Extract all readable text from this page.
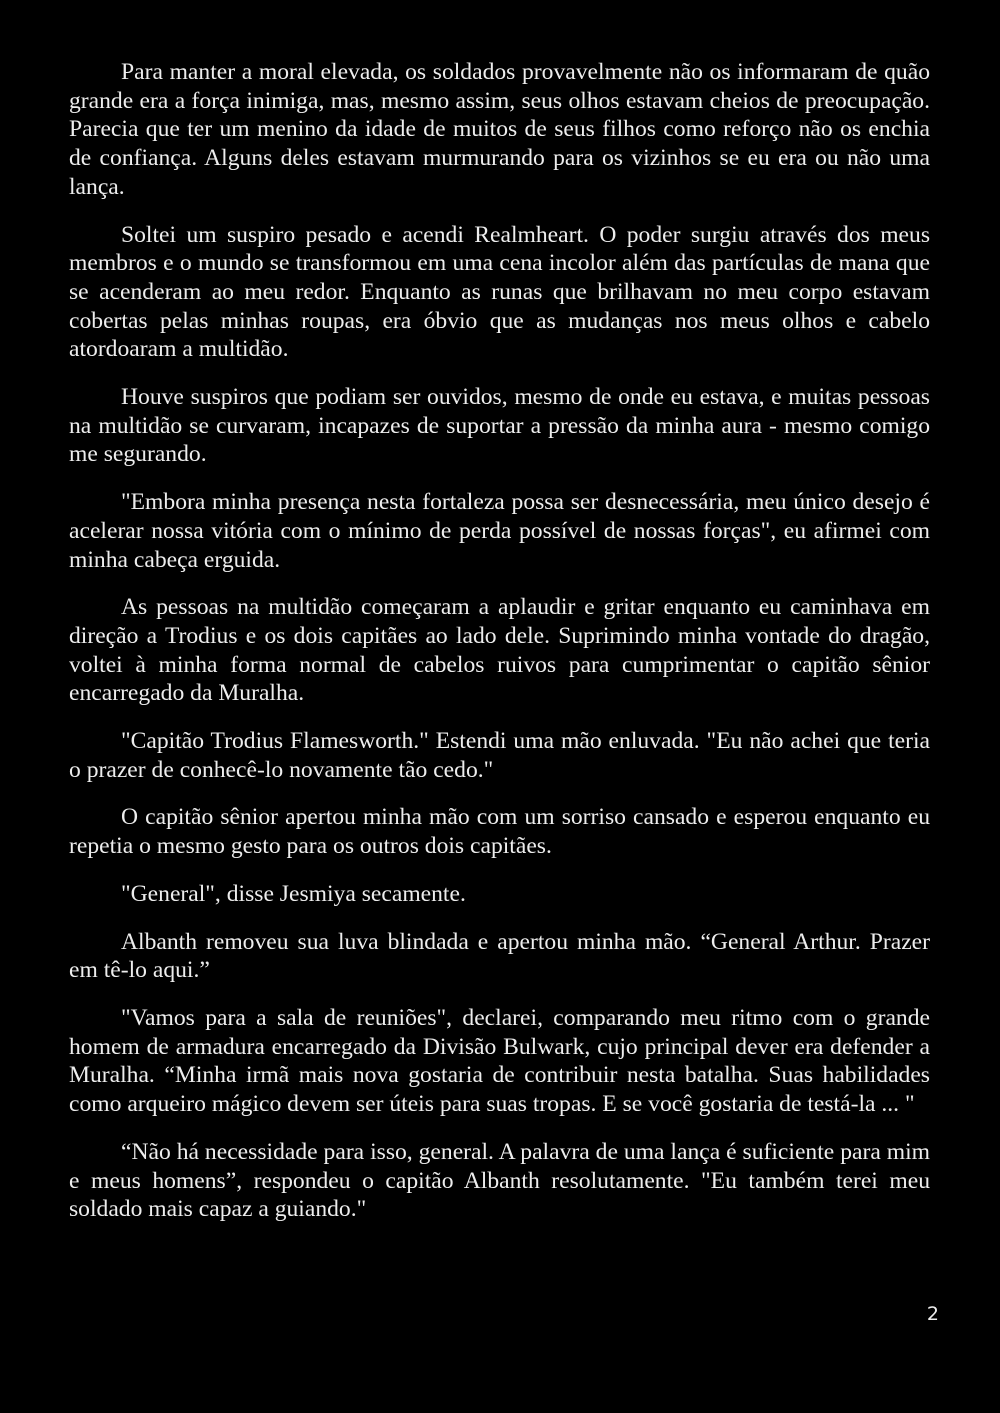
Para manter a moral elevada, os soldados provavelmente não os informaram de quão grande era a força inimiga, mas, mesmo assim, seus olhos estavam cheios de preocupação. Parecia que ter um menino da idade de muitos de seus filhos como reforço não os enchia de confiança. Alguns deles estavam murmurando para os vizinhos se eu era ou não uma lança.

Soltei um suspiro pesado e acendi Realmheart. O poder surgiu através dos meus membros e o mundo se transformou em uma cena incolor além das partículas de mana que se acenderam ao meu redor. Enquanto as runas que brilhavam no meu corpo estavam cobertas pelas minhas roupas, era óbvio que as mudanças nos meus olhos e cabelo atordoaram a multidão.

Houve suspiros que podiam ser ouvidos, mesmo de onde eu estava, e muitas pessoas na multidão se curvaram, incapazes de suportar a pressão da minha aura - mesmo comigo me segurando.

"Embora minha presença nesta fortaleza possa ser desnecessária, meu único desejo é acelerar nossa vitória com o mínimo de perda possível de nossas forças", eu afirmei com minha cabeça erguida.

As pessoas na multidão começaram a aplaudir e gritar enquanto eu caminhava em direção a Trodius e os dois capitães ao lado dele. Suprimindo minha vontade do dragão, voltei à minha forma normal de cabelos ruivos para cumprimentar o capitão sênior encarregado da Muralha.

"Capitão Trodius Flamesworth." Estendi uma mão enluvada. "Eu não achei que teria o prazer de conhecê-lo novamente tão cedo."

O capitão sênior apertou minha mão com um sorriso cansado e esperou enquanto eu repetia o mesmo gesto para os outros dois capitães.

"General", disse Jesmiya secamente.

Albanth removeu sua luva blindada e apertou minha mão. “General Arthur. Prazer em tê-lo aqui.”

"Vamos para a sala de reuniões", declarei, comparando meu ritmo com o grande homem de armadura encarregado da Divisão Bulwark, cujo principal dever era defender a Muralha. “Minha irmã mais nova gostaria de contribuir nesta batalha. Suas habilidades como arqueiro mágico devem ser úteis para suas tropas. E se você gostaria de testá-la ... "

“Não há necessidade para isso, general. A palavra de uma lança é suficiente para mim e meus homens”, respondeu o capitão Albanth resolutamente. "Eu também terei meu soldado mais capaz a guiando."

2
